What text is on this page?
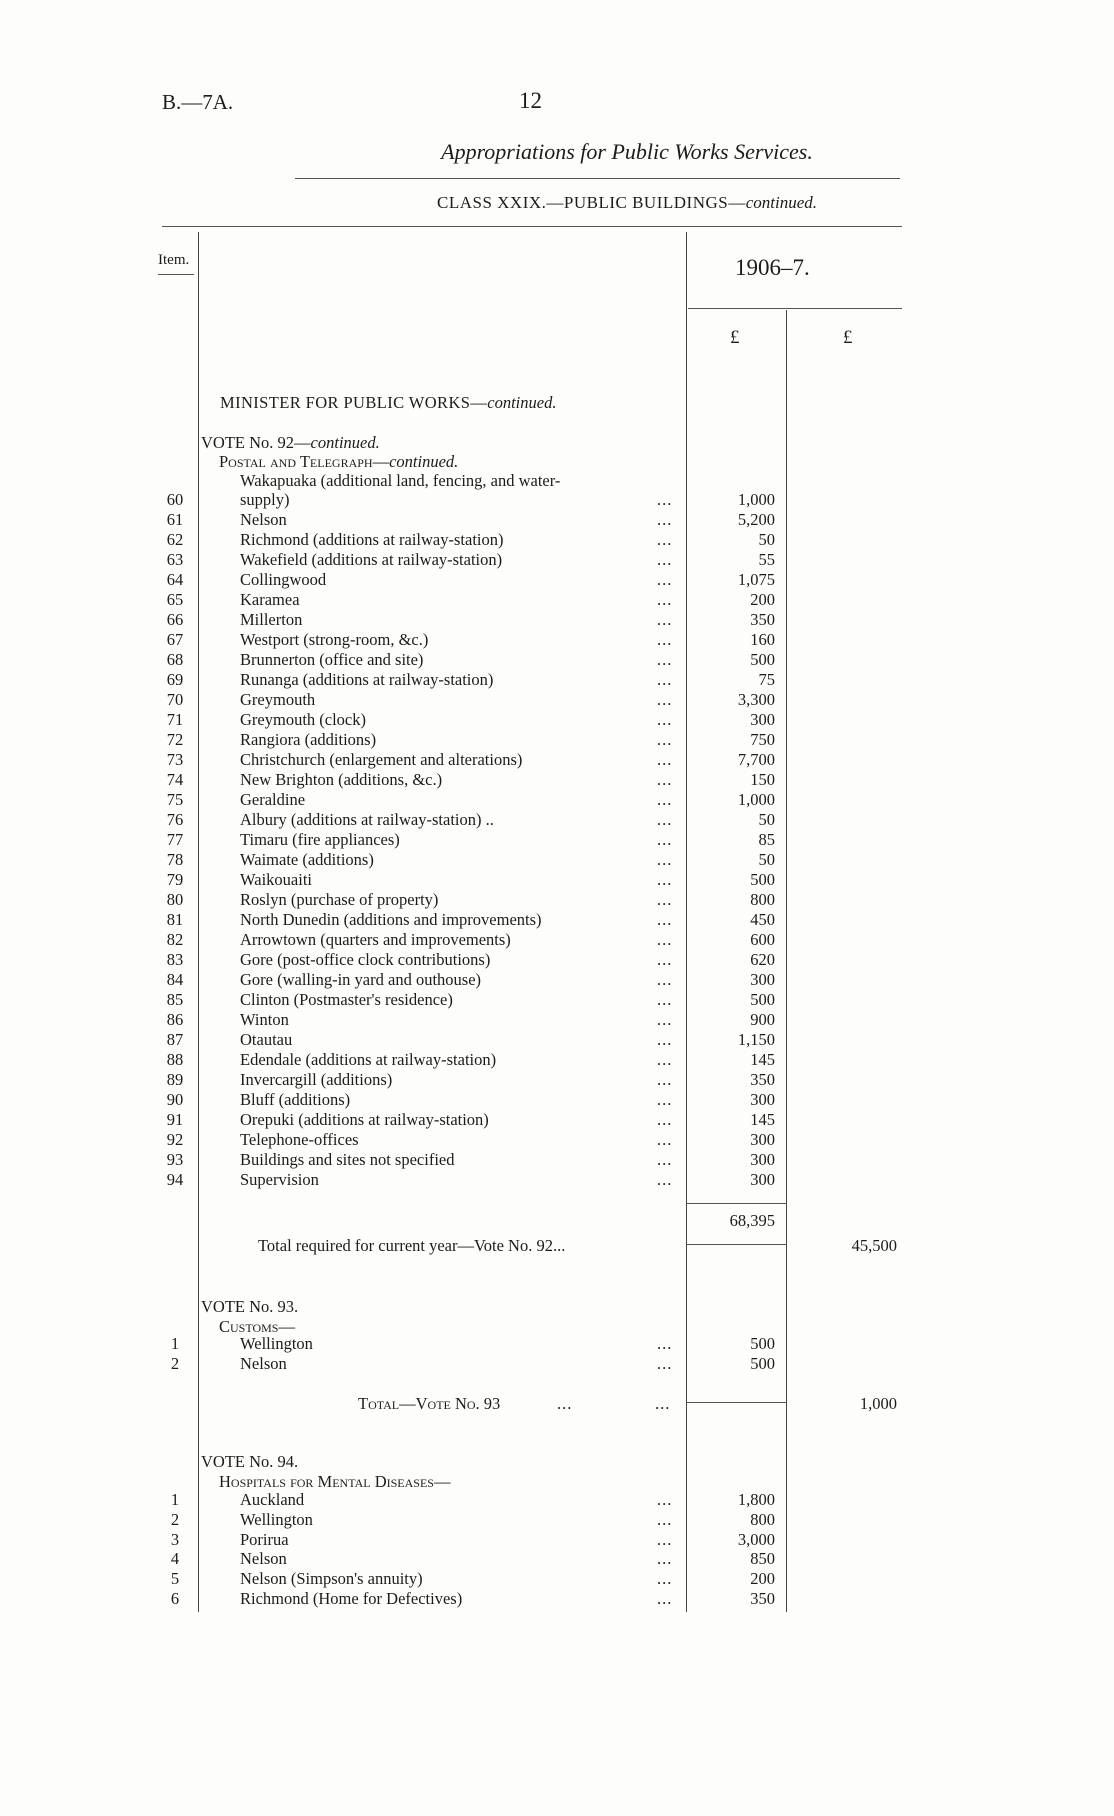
B.—7A.	12
Appropriations for Public Works Services.
CLASS XXIX.—PUBLIC BUILDINGS—continued.
Item.	1906–7.
£	£
MINISTER FOR PUBLIC WORKS—continued.
VOTE No. 92—continued.
Postal and Telegraph—continued.
Wakapuaka (additional land, fencing, and water-
60	supply)	...	1,000
61	Nelson	...	5,200
62	Richmond (additions at railway-station)	...	50
63	Wakefield (additions at railway-station)	...	55
64	Collingwood	...	1,075
65	Karamea	...	200
66	Millerton	...	350
67	Westport (strong-room, &c.)	...	160
68	Brunnerton (office and site)	...	500
69	Runanga (additions at railway-station)	...	75
70	Greymouth	...	3,300
71	Greymouth (clock)	...	300
72	Rangiora (additions)	...	750
73	Christchurch (enlargement and alterations)	...	7,700
74	New Brighton (additions, &c.)	...	150
75	Geraldine	...	1,000
76	Albury (additions at railway-station) ..	...	50
77	Timaru (fire appliances)	...	85
78	Waimate (additions)	...	50
79	Waikouaiti	...	500
80	Roslyn (purchase of property)	...	800
81	North Dunedin (additions and improvements)	...	450
82	Arrowtown (quarters and improvements)	...	600
83	Gore (post-office clock contributions)	...	620
84	Gore (walling-in yard and outhouse)	...	300
85	Clinton (Postmaster's residence)	...	500
86	Winton	...	900
87	Otautau	...	1,150
88	Edendale (additions at railway-station)	...	145
89	Invercargill (additions)	...	350
90	Bluff (additions)	...	300
91	Orepuki (additions at railway-station)	...	145
92	Telephone-offices	...	300
93	Buildings and sites not specified	...	300
94	Supervision	...	300
68,395
Total required for current year—Vote No. 92...	45,500
VOTE No. 93.
Customs—
1	Wellington	...	500
2	Nelson	...	500
Total—Vote No. 93	...	...	1,000
VOTE No. 94.
Hospitals for Mental Diseases—
1	Auckland	...	1,800
2	Wellington	...	800
3	Porirua	...	3,000
4	Nelson	...	850
5	Nelson (Simpson's annuity)	...	200
6	Richmond (Home for Defectives)	...	350
